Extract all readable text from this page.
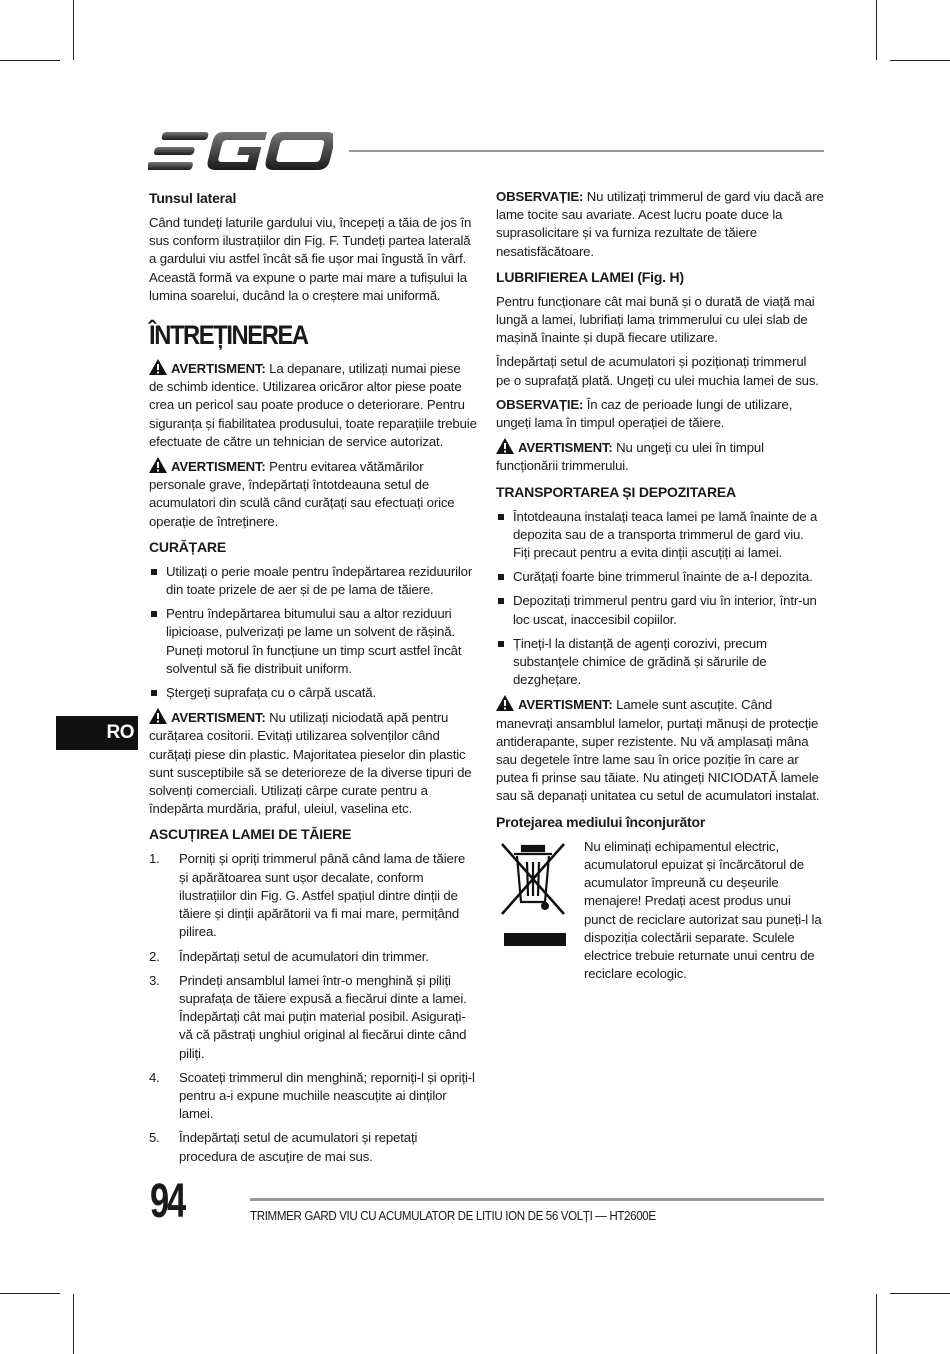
Tunsul lateral

Când tundeți laturile gardului viu, începeți a tăia de jos în sus conform ilustrațiilor din Fig. F. Tundeți partea laterală a gardului viu astfel încât să fie ușor mai îngustă în vârf. Această formă va expune o parte mai mare a tufișului la lumina soarelui, ducând la o creștere mai uniformă.

ÎNTREȚINEREA

AVERTISMENT: La depanare, utilizați numai piese de schimb identice. Utilizarea oricăror altor piese poate crea un pericol sau poate produce o deteriorare. Pentru siguranța și fiabilitatea produsului, toate reparațiile trebuie efectuate de către un tehnician de service autorizat.

AVERTISMENT: Pentru evitarea vătămărilor personale grave, îndepărtați întotdeauna setul de acumulatori din sculă când curățați sau efectuați orice operație de întreținere.

CURĂȚARE
Utilizați o perie moale pentru îndepărtarea reziduurilor din toate prizele de aer și de pe lama de tăiere.
Pentru îndepărtarea bitumului sau a altor reziduuri lipicioase, pulverizați pe lame un solvent de rășină. Puneți motorul în funcțiune un timp scurt astfel încât solventul să fie distribuit uniform.
Ștergeți suprafața cu o cârpă uscată.

AVERTISMENT: Nu utilizați niciodată apă pentru curățarea cositorii. Evitați utilizarea solvenților când curățați piese din plastic. Majoritatea pieselor din plastic sunt susceptibile să se deterioreze de la diverse tipuri de solvenți comerciali. Utilizați cârpe curate pentru a îndepărta murdăria, praful, uleiul, vaselina etc.

ASCUȚIREA LAMEI DE TĂIERE
1. Porniți și opriți trimmerul până când lama de tăiere și apărătoarea sunt ușor decalate, conform ilustrațiilor din Fig. G. Astfel spațiul dintre dinții de tăiere și dinții apărătorii va fi mai mare, permițând pilirea.
2. Îndepărtați setul de acumulatori din trimmer.
3. Prindeți ansamblul lamei într-o menghină și piliți suprafața de tăiere expusă a fiecărui dinte a lamei. Îndepărtați cât mai puțin material posibil. Asigurați-vă că păstrați unghiul original al fiecărui dinte când piliți.
4. Scoateți trimmerul din menghină; reporniți-l și opriți-l pentru a-i expune muchiile neascuțite ai dinților lamei.
5. Îndepărtați setul de acumulatori și repetați procedura de ascuțire de mai sus.

OBSERVAȚIE: Nu utilizați trimmerul de gard viu dacă are lame tocite sau avariate. Acest lucru poate duce la suprasolicitare și va furniza rezultate de tăiere nesatisfăcătoare.

LUBRIFIEREA LAMEI (Fig. H)

Pentru funcționare cât mai bună și o durată de viață mai lungă a lamei, lubrifiați lama trimmerului cu ulei slab de mașină înainte și după fiecare utilizare.

Îndepărtați setul de acumulatori și poziționați trimmerul pe o suprafață plată. Ungeți cu ulei muchia lamei de sus.

OBSERVAȚIE: În caz de perioade lungi de utilizare, ungeți lama în timpul operației de tăiere.

AVERTISMENT: Nu ungeți cu ulei în timpul funcționării trimmerului.

TRANSPORTAREA ȘI DEPOZITAREA
Întotdeauna instalați teaca lamei pe lamă înainte de a depozita sau de a transporta trimmerul de gard viu. Fiți precaut pentru a evita dinții ascuțiți ai lamei.
Curățați foarte bine trimmerul înainte de a-l depozita.
Depozitați trimmerul pentru gard viu în interior, într-un loc uscat, inaccesibil copiilor.
Țineți-l la distanță de agenți corozivi, precum substanțele chimice de grădină și sărurile de dezghețare.

AVERTISMENT: Lamele sunt ascuțite. Când manevrați ansamblul lamelor, purtați mănuși de protecție antiderapante, super rezistente. Nu vă amplasați mâna sau degetele între lame sau în orice poziție în care ar putea fi prinse sau tăiate. Nu atingeți NICIODATĂ lamele sau să depanați unitatea cu setul de acumulatori instalat.

Protejarea mediului înconjurător
Nu eliminați echipamentul electric, acumulatorul epuizat și încărcătorul de acumulator împreună cu deșeurile menajere! Predați acest produs unui punct de reciclare autorizat sau puneți-l la dispoziția colectării separate. Sculele electrice trebuie returnate unui centru de reciclare ecologic.
RO
94	TRIMMER GARD VIU CU ACUMULATOR DE LITIU ION DE 56 VOLȚI — HT2600E
